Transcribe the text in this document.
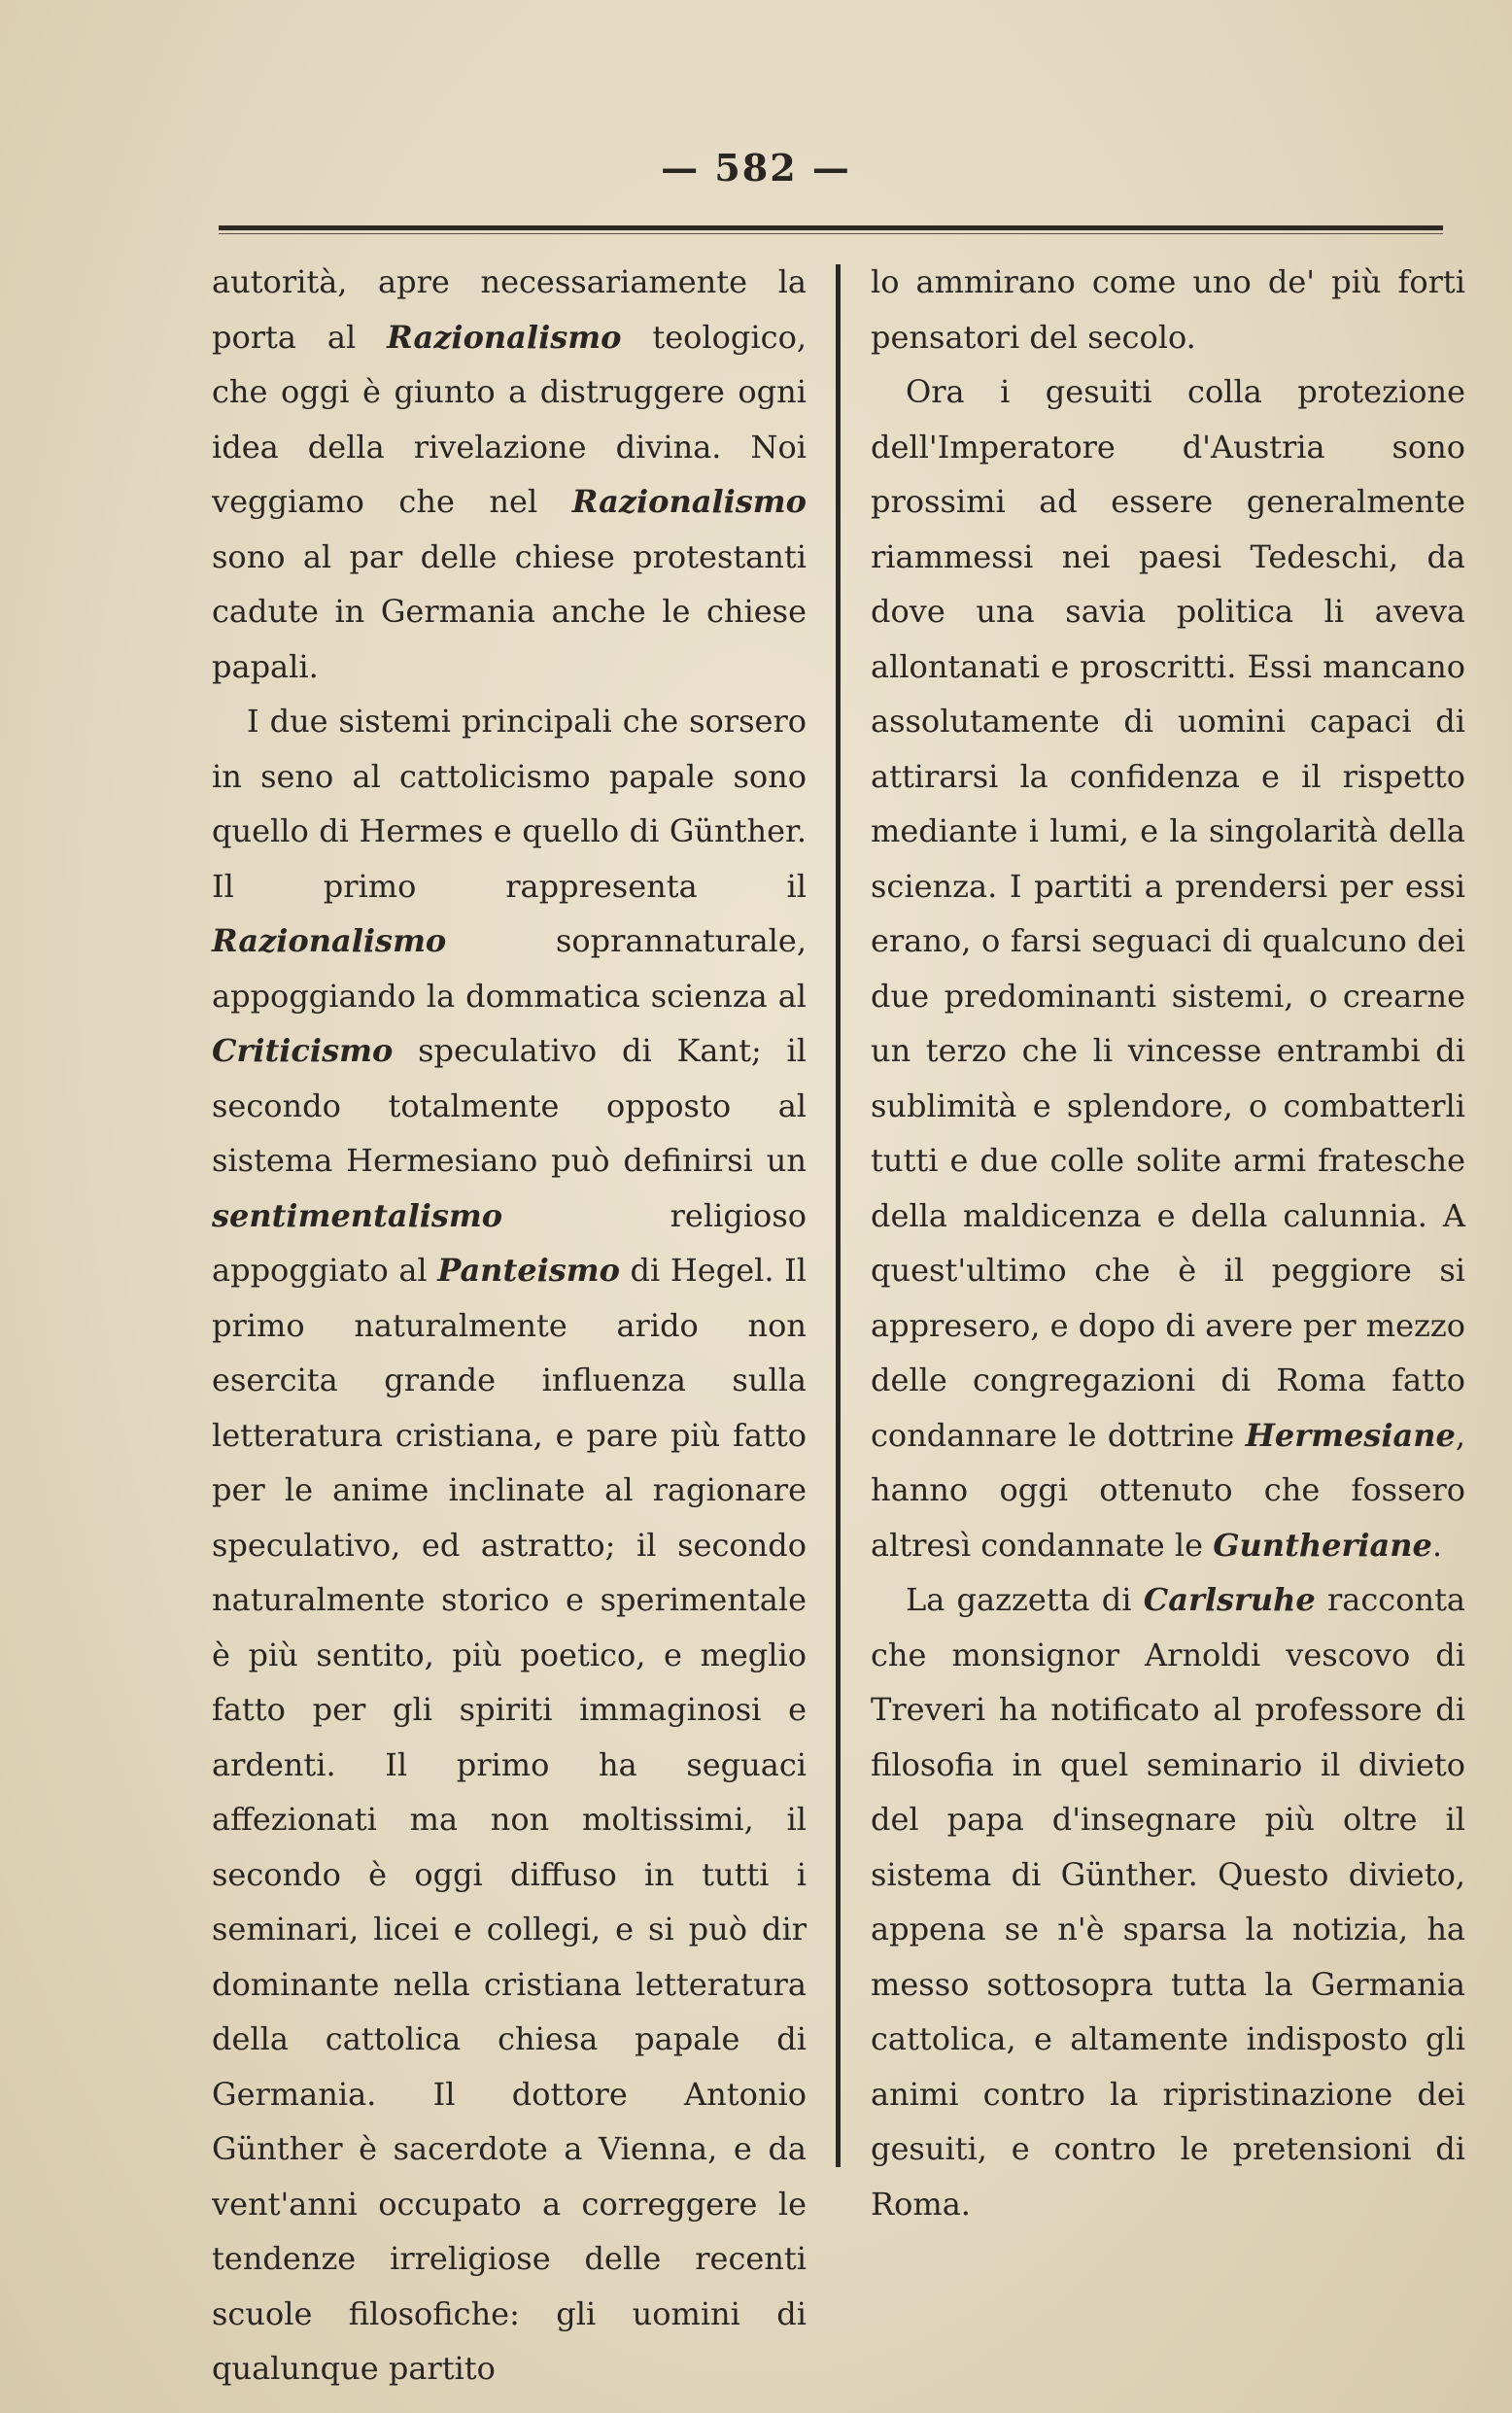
— 582 —

autorità, apre necessariamente la porta al Razionalismo teologico, che oggi è giunto a distruggere ogni idea della rivelazione divina. Noi veggiamo che nel Razionalismo sono al par delle chiese protestanti cadute in Germania anche le chiese papali.

I due sistemi principali che sorsero in seno al cattolicismo papale sono quello di Hermes e quello di Günther. Il primo rappresenta il Razionalismo soprannaturale, appoggiando la dommatica scienza al Criticismo speculativo di Kant; il secondo totalmente opposto al sistema Hermesiano può definirsi un sentimentalismo religioso appoggiato al Panteismo di Hegel. Il primo naturalmente arido non esercita grande influenza sulla letteratura cristiana, e pare più fatto per le anime inclinate al ragionare speculativo, ed astratto; il secondo naturalmente storico e sperimentale è più sentito, più poetico, e meglio fatto per gli spiriti immaginosi e ardenti. Il primo ha seguaci affezionati ma non moltissimi, il secondo è oggi diffuso in tutti i seminari, licei e collegi, e si può dir dominante nella cristiana letteratura della cattolica chiesa papale di Germania. Il dottore Antonio Günther è sacerdote a Vienna, e da vent'anni occupato a correggere le tendenze irreligiose delle recenti scuole filosofiche: gli uomini di qualunque partito

lo ammirano come uno de' più forti pensatori del secolo.

Ora i gesuiti colla protezione dell'Imperatore d'Austria sono prossimi ad essere generalmente riammessi nei paesi Tedeschi, da dove una savia politica li aveva allontanati e proscritti. Essi mancano assolutamente di uomini capaci di attirarsi la confidenza e il rispetto mediante i lumi, e la singolarità della scienza. I partiti a prendersi per essi erano, o farsi seguaci di qualcuno dei due predominanti sistemi, o crearne un terzo che li vincesse entrambi di sublimità e splendore, o combatterli tutti e due colle solite armi fratesche della maldicenza e della calunnia. A quest'ultimo che è il peggiore si appresero, e dopo di avere per mezzo delle congregazioni di Roma fatto condannare le dottrine Hermesiane, hanno oggi ottenuto che fossero altresì condannate le Guntheriane.

La gazzetta di Carlsruhe racconta che monsignor Arnoldi vescovo di Treveri ha notificato al professore di filosofia in quel seminario il divieto del papa d'insegnare più oltre il sistema di Günther. Questo divieto, appena se n'è sparsa la notizia, ha messo sottosopra tutta la Germania cattolica, e altamente indisposto gli animi contro la ripristinazione dei gesuiti, e contro le pretensioni di Roma.
